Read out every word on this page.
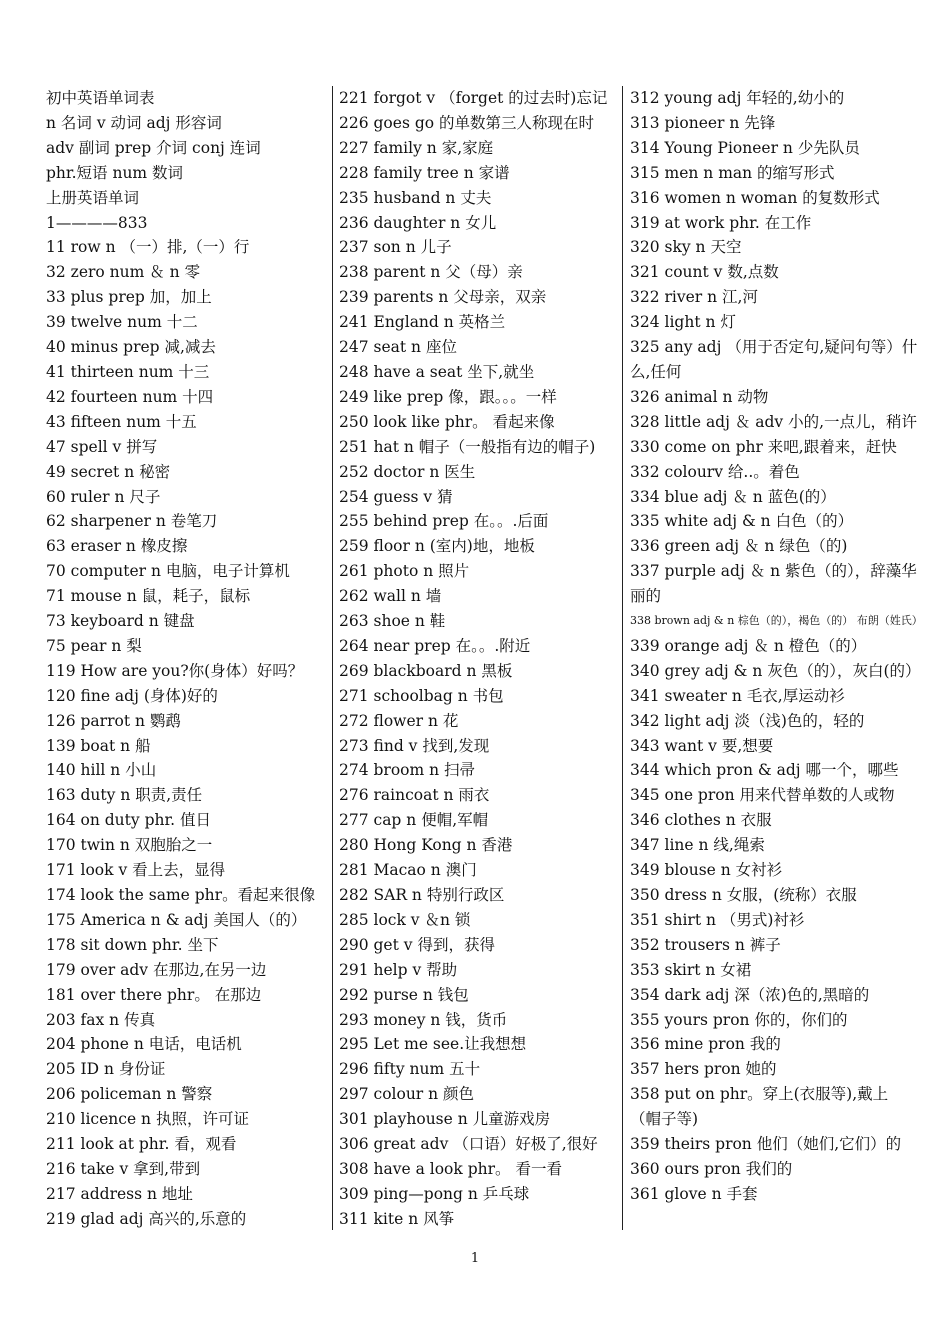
初中英语单词表
n 名词 v 动词 adj 形容词
adv 副词 prep 介词 conj 连词
phr.短语 num 数词
上册英语单词
1————833
11 row n （一）排,（一）行
32 zero num ＆ n 零
33 plus prep 加，加上
39 twelve num 十二
40 minus prep 减,减去
41 thirteen num 十三
42 fourteen num 十四
43 fifteen num 十五
47 spell v 拼写
49 secret n 秘密
60 ruler n 尺子
62 sharpener n 卷笔刀
63 eraser n 橡皮擦
70 computer n 电脑，电子计算机
71 mouse n 鼠，耗子，鼠标
73 keyboard n 键盘
75 pear n 梨
119 How are you?你(身体）好吗？
120 fine adj (身体)好的
126 parrot n 鹦鹉
139 boat n 船
140 hill n 小山
163 duty n 职责,责任
164 on duty phr. 值日
170 twin n 双胞胎之一
171 look v 看上去，显得
174 look the same phr。看起来很像
175 America n & adj 美国人（的）
178 sit down phr. 坐下
179 over adv 在那边,在另一边
181 over there phr。 在那边
203 fax n 传真
204 phone n 电话，电话机
205 ID n 身份证
206 policeman n 警察
210 licence n 执照，许可证
211 look at phr. 看，观看
216 take v 拿到,带到
217 address n 地址
219 glad adj 高兴的,乐意的
221 forgot v （forget 的过去时)忘记
226 goes go 的单数第三人称现在时
227 family n 家,家庭
228 family tree n 家谱
235 husband n 丈夫
236 daughter n 女儿
237 son n 儿子
238 parent n 父（母）亲
239 parents n 父母亲，双亲
241 England n 英格兰
247 seat n 座位
248 have a seat 坐下,就坐
249 like prep 像，跟。。。一样
250 look like phr。 看起来像
251 hat n 帽子（一般指有边的帽子)
252 doctor n 医生
254 guess v 猜
255 behind prep 在。。.后面
259 floor n (室内)地，地板
261 photo n 照片
262 wall n 墙
263 shoe n 鞋
264 near prep 在。。.附近
269 blackboard n 黑板
271 schoolbag n 书包
272 flower n 花
273 find v 找到,发现
274 broom n 扫帚
276 raincoat n 雨衣
277 cap n 便帽,军帽
280 Hong Kong n 香港
281 Macao n 澳门
282 SAR n 特别行政区
285 lock v ＆n 锁
290 get v 得到，获得
291 help v 帮助
292 purse n 钱包
293 money n 钱，货币
295 Let me see.让我想想
296 fifty num 五十
297 colour n 颜色
301 playhouse n 儿童游戏房
306 great adv （口语）好极了,很好
308 have a look phr。 看一看
309 ping—pong n 乒乓球
311 kite n 风筝
312 young adj 年轻的,幼小的
313 pioneer n 先锋
314 Young Pioneer n 少先队员
315 men n man 的缩写形式
316 women n woman 的复数形式
319 at work phr. 在工作
320 sky n 天空
321 count v 数,点数
322 river n 江,河
324 light n 灯
325 any adj （用于否定句,疑问句等）什么,任何
326 animal n 动物
328 little adj ＆ adv 小的,一点儿，稍许
330 come on phr 来吧,跟着来，赶快
332 colourv 给..。着色
334 blue adj ＆ n 蓝色(的）
335 white adj & n 白色（的）
336 green adj ＆ n 绿色（的)
337 purple adj ＆ n 紫色（的），辞藻华丽的
338 brown adj & n 棕色（的），褐色（的） 布朗（姓氏）
339 orange adj ＆ n 橙色（的）
340 grey adj & n 灰色（的），灰白(的）
341 sweater n 毛衣,厚运动衫
342 light adj 淡（浅)色的，轻的
343 want v 要,想要
344 which pron & adj 哪一个，哪些
345 one pron 用来代替单数的人或物
346 clothes n 衣服
347 line n 线,绳索
349 blouse n 女衬衫
350 dress n 女服，(统称）衣服
351 shirt n （男式)衬衫
352 trousers n 裤子
353 skirt n 女裙
354 dark adj 深（浓)色的,黑暗的
355 yours pron 你的，你们的
356 mine pron 我的
357 hers pron 她的
358 put on phr。穿上(衣服等),戴上（帽子等)
359 theirs pron 他们（她们,它们）的
360 ours pron 我们的
361 glove n 手套
1
